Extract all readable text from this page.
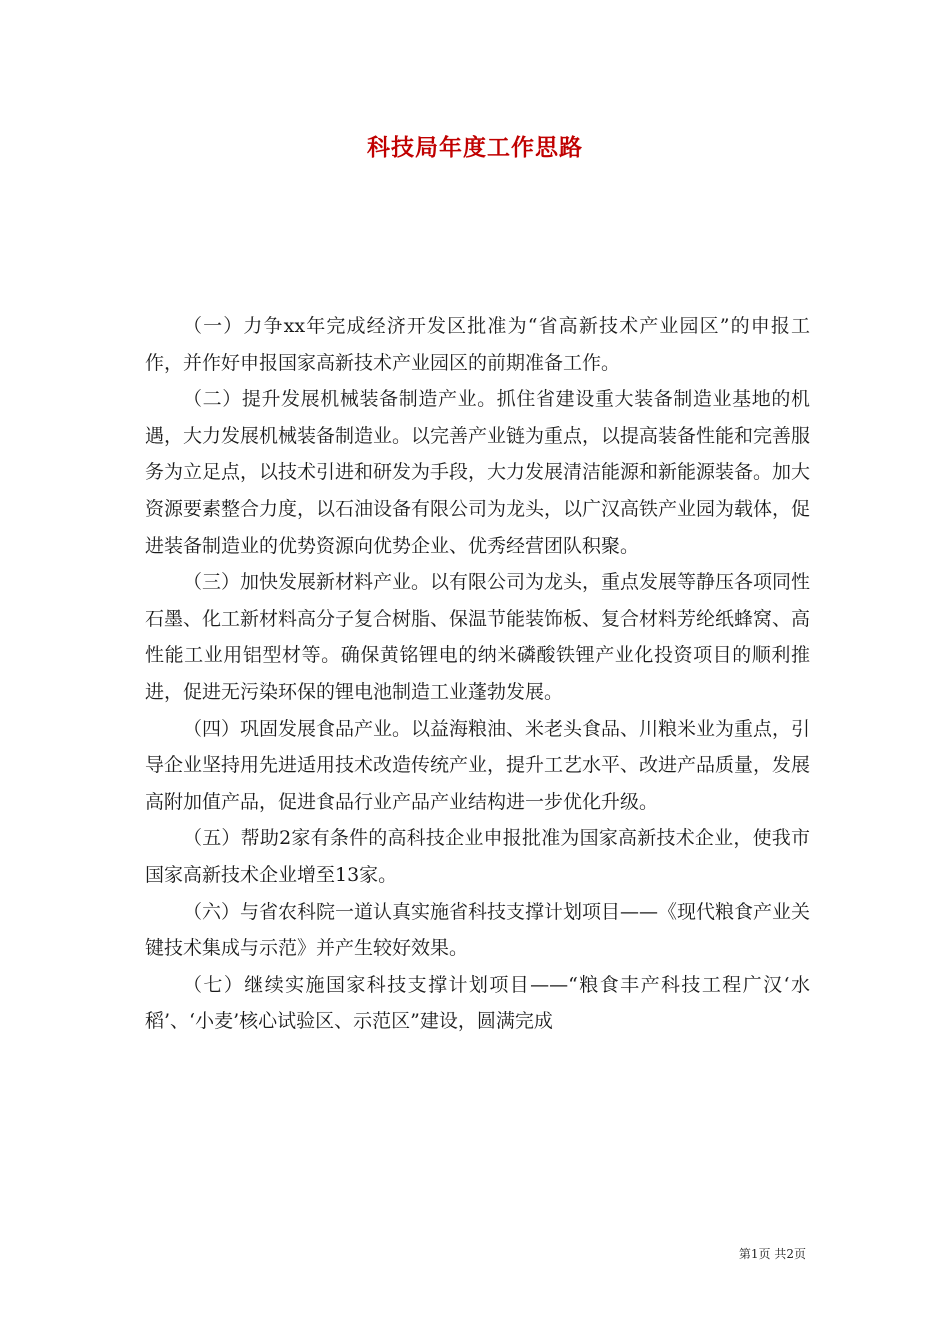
科技局年度工作思路

（一）力争xx年完成经济开发区批准为“省高新技术产业园区”的申报工作，并作好申报国家高新技术产业园区的前期准备工作。

（二）提升发展机械装备制造产业。抓住省建设重大装备制造业基地的机遇，大力发展机械装备制造业。以完善产业链为重点，以提高装备性能和完善服务为立足点，以技术引进和研发为手段，大力发展清洁能源和新能源装备。加大资源要素整合力度，以石油设备有限公司为龙头，以广汉高铁产业园为载体，促进装备制造业的优势资源向优势企业、优秀经营团队积聚。

（三）加快发展新材料产业。以有限公司为龙头，重点发展等静压各项同性石墨、化工新材料高分子复合树脂、保温节能装饰板、复合材料芳纶纸蜂窝、高性能工业用铝型材等。确保黄铭锂电的纳米磷酸铁锂产业化投资项目的顺利推进，促进无污染环保的锂电池制造工业蓬勃发展。

（四）巩固发展食品产业。以益海粮油、米老头食品、川粮米业为重点，引导企业坚持用先进适用技术改造传统产业，提升工艺水平、改进产品质量，发展高附加值产品，促进食品行业产品产业结构进一步优化升级。

（五）帮助2家有条件的高科技企业申报批准为国家高新技术企业，使我市国家高新技术企业增至13家。

（六）与省农科院一道认真实施省科技支撑计划项目——《现代粮食产业关键技术集成与示范》并产生较好效果。

（七）继续实施国家科技支撑计划项目——“粮食丰产科技工程广汉‘水稻’、‘小麦’核心试验区、示范区”建设，圆满完成

第1页 共2页
